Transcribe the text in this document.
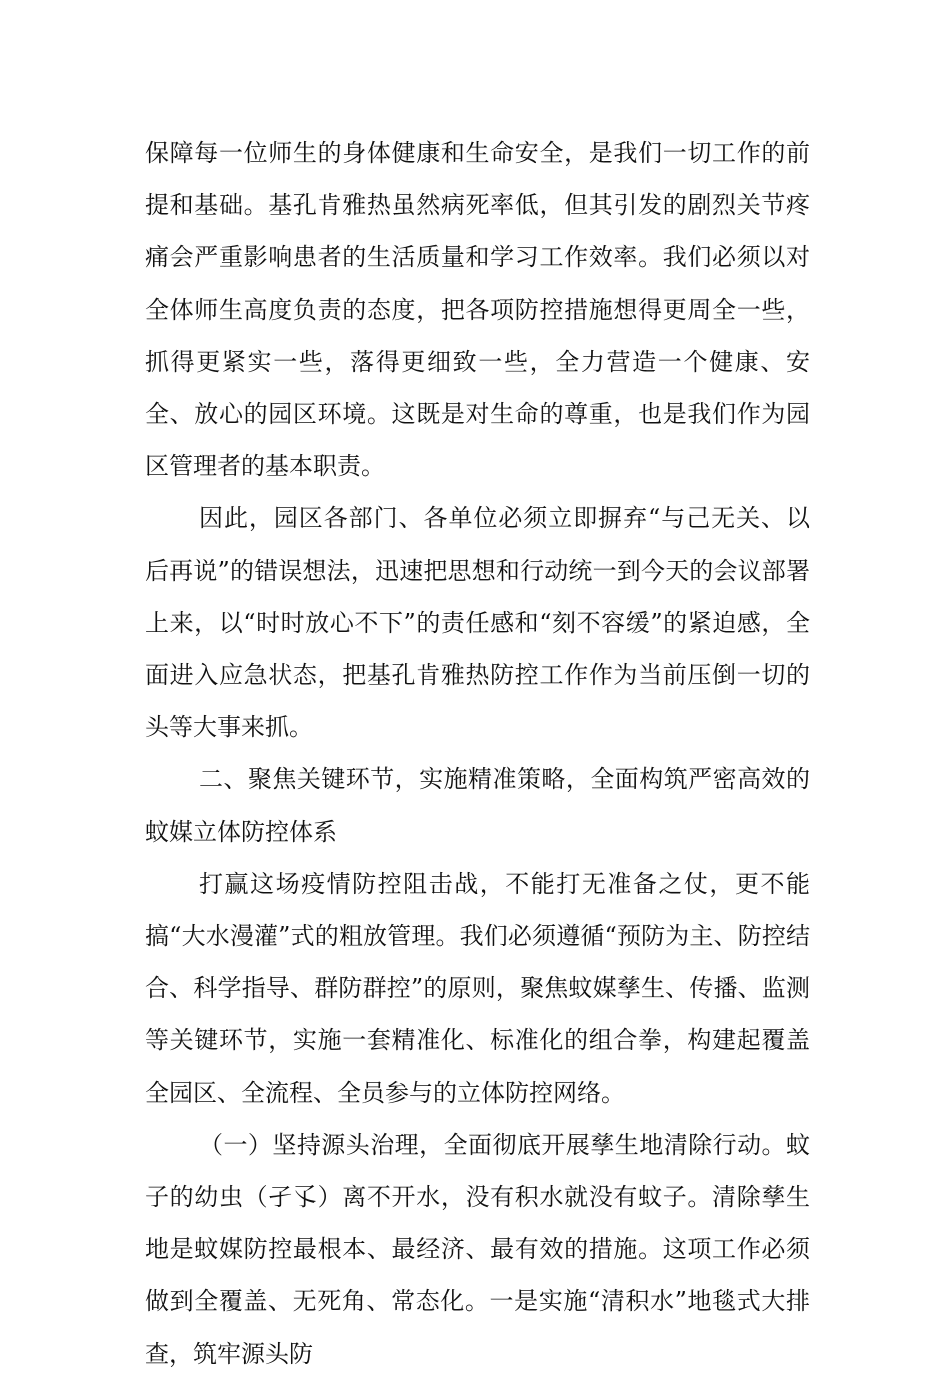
保障每一位师生的身体健康和生命安全，是我们一切工作的前提和基础。基孔肯雅热虽然病死率低，但其引发的剧烈关节疼痛会严重影响患者的生活质量和学习工作效率。我们必须以对全体师生高度负责的态度，把各项防控措施想得更周全一些，抓得更紧实一些，落得更细致一些，全力营造一个健康、安全、放心的园区环境。这既是对生命的尊重，也是我们作为园区管理者的基本职责。

因此，园区各部门、各单位必须立即摒弃“与己无关、以后再说”的错误想法，迅速把思想和行动统一到今天的会议部署上来，以“时时放心不下”的责任感和“刻不容缓”的紧迫感，全面进入应急状态，把基孔肯雅热防控工作作为当前压倒一切的头等大事来抓。

二、聚焦关键环节，实施精准策略，全面构筑严密高效的蚊媒立体防控体系

打赢这场疫情防控阻击战，不能打无准备之仗，更不能搞“大水漫灌”式的粗放管理。我们必须遵循“预防为主、防控结合、科学指导、群防群控”的原则，聚焦蚊媒孳生、传播、监测等关键环节，实施一套精准化、标准化的组合拳，构建起覆盖全园区、全流程、全员参与的立体防控网络。

（一）坚持源头治理，全面彻底开展孳生地清除行动。蚊子的幼虫（孑孓）离不开水，没有积水就没有蚊子。清除孳生地是蚊媒防控最根本、最经济、最有效的措施。这项工作必须做到全覆盖、无死角、常态化。一是实施“清积水”地毯式大排查，筑牢源头防
